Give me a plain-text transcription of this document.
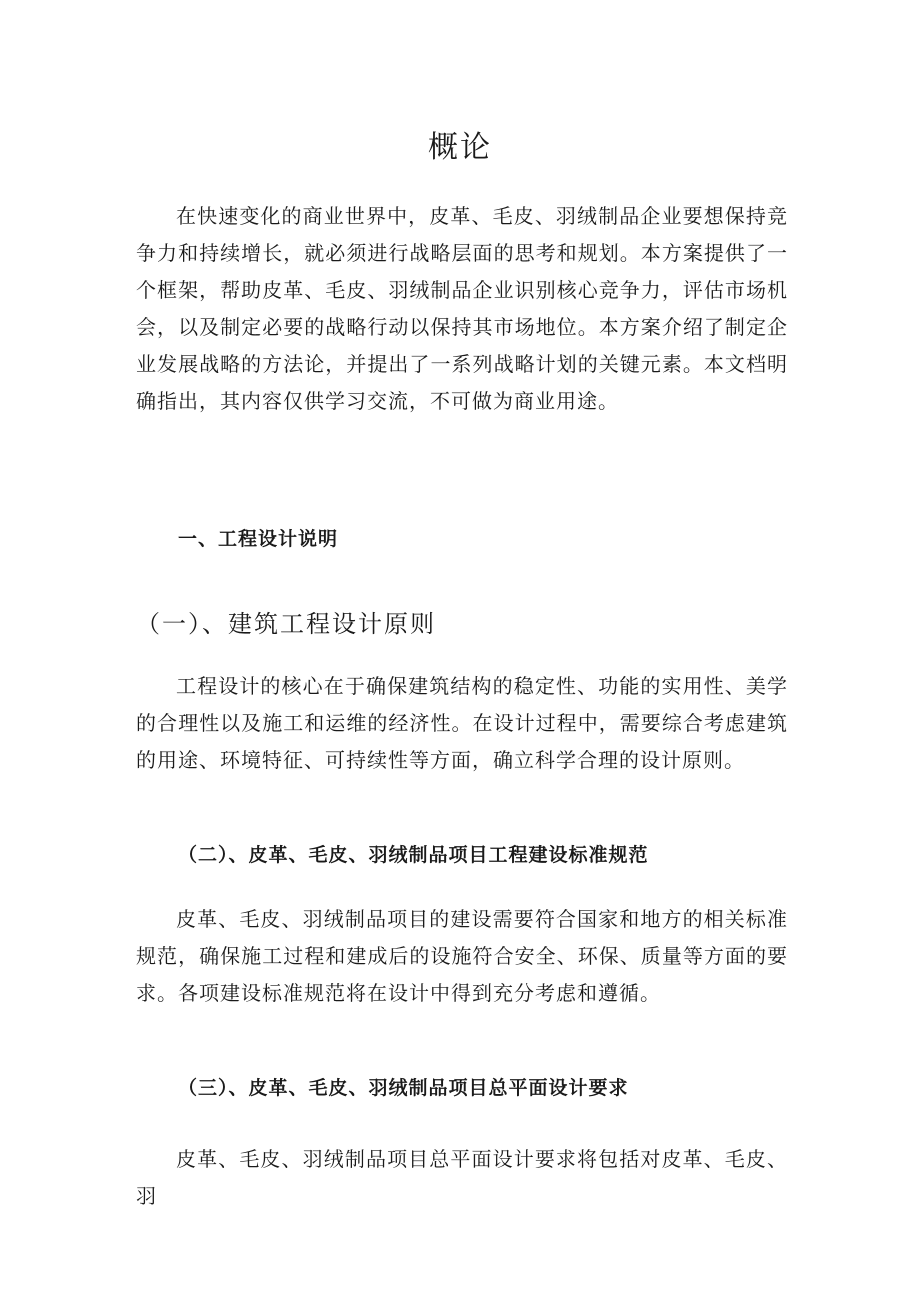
概论

在快速变化的商业世界中，皮革、毛皮、羽绒制品企业要想保持竞争力和持续增长，就必须进行战略层面的思考和规划。本方案提供了一个框架，帮助皮革、毛皮、羽绒制品企业识别核心竞争力，评估市场机会，以及制定必要的战略行动以保持其市场地位。本方案介绍了制定企业发展战略的方法论，并提出了一系列战略计划的关键元素。本文档明确指出，其内容仅供学习交流，不可做为商业用途。

一、工程设计说明
（一）、建筑工程设计原则

工程设计的核心在于确保建筑结构的稳定性、功能的实用性、美学的合理性以及施工和运维的经济性。在设计过程中，需要综合考虑建筑的用途、环境特征、可持续性等方面，确立科学合理的设计原则。

（二）、皮革、毛皮、羽绒制品项目工程建设标准规范

皮革、毛皮、羽绒制品项目的建设需要符合国家和地方的相关标准规范，确保施工过程和建成后的设施符合安全、环保、质量等方面的要求。各项建设标准规范将在设计中得到充分考虑和遵循。

（三）、皮革、毛皮、羽绒制品项目总平面设计要求

皮革、毛皮、羽绒制品项目总平面设计要求将包括对皮革、毛皮、羽
